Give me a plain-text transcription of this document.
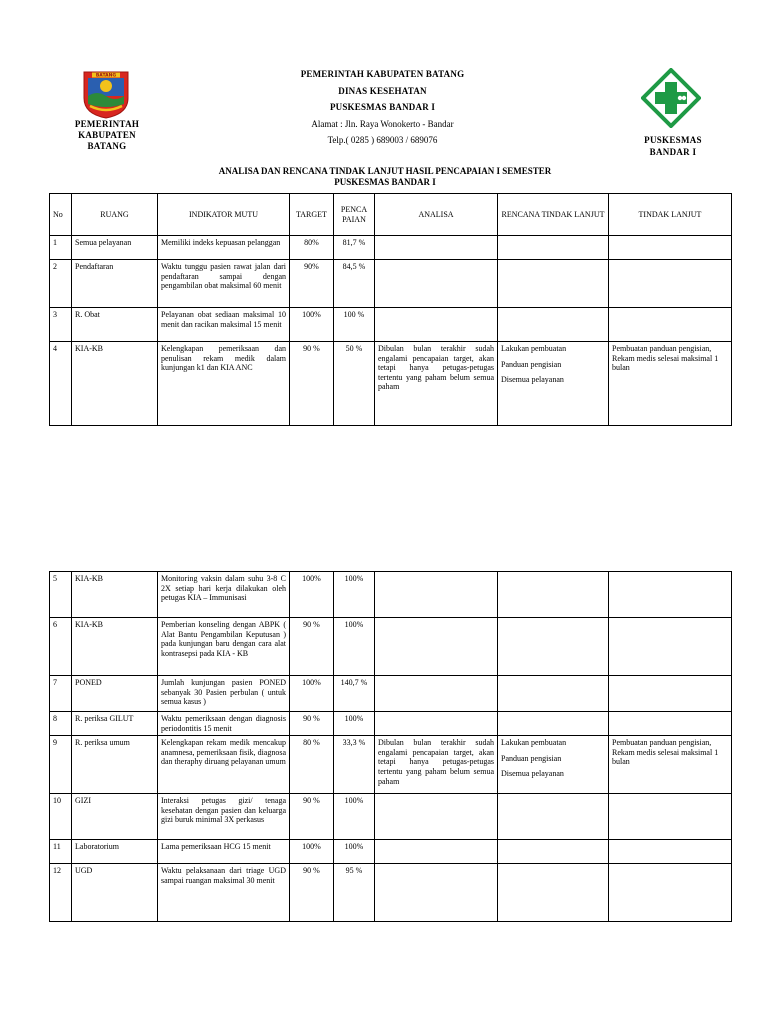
BATANG
PEMERINTAH
KABUPATEN
BATANG
PEMERINTAH KABUPATEN BATANG
DINAS KESEHATAN
PUSKESMAS BANDAR I
Alamat : Jln. Raya Wonokerto - Bandar
Telp.( 0285 ) 689003 / 689076	PUSKESMAS
BANDAR I
ANALISA DAN RENCANA TINDAK LANJUT HASIL PENCAPAIAN I SEMESTER
PUSKESMAS BANDAR I
No	RUANG	INDIKATOR MUTU	TARGET	PENCA PAIAN	ANALISA	RENCANA TINDAK LANJUT	TINDAK LANJUT
1	Semua pelayanan	Memiliki indeks kepuasan pelanggan	80%	81,7 %			
2	Pendaftaran	Waktu tunggu pasien rawat jalan dari pendaftaran sampai dengan pengambilan obat maksimal 60 menit	90%	84,5 %			
3	R. Obat	Pelayanan obat sediaan maksimal 10 menit dan racikan maksimal 15 menit	100%	100 %			
4	KIA-KB	Kelengkapan pemeriksaan dan penulisan rekam medik dalam kunjungan k1 dan KIA ANC	90 %	50 %	Dibulan bulan terakhir sudah engalami pencapaian target, akan tetapi hanya petugas-petugas tertentu yang paham belum semua paham	Lakukan pembuatan
Panduan pengisian
Disemua pelayanan	Pembuatan panduan pengisian, Rekam medis selesai maksimal 1 bulan
5	KIA-KB	Monitoring vaksin dalam suhu 3-8 C 2X setiap hari kerja dilakukan oleh petugas KIA – Immunisasi	100%	100%			
6	KIA-KB	Pemberian konseling dengan ABPK ( Alat Bantu Pengambilan Keputusan ) pada kunjungan baru dengan cara alat kontrasepsi pada KIA - KB	90 %	100%			
7	PONED	Jumlah kunjungan pasien PONED sebanyak 30 Pasien perbulan ( untuk semua kasus )	100%	140,7 %			
8	R. periksa GILUT	Waktu pemeriksaan dengan diagnosis periodontitis 15 menit	90 %	100%			
9	R. periksa umum	Kelengkapan rekam medik mencakup anamnesa, pemeriksaan fisik, diagnosa dan theraphy diruang pelayanan umum	80 %	33,3 %	Dibulan bulan terakhir sudah engalami pencapaian target, akan tetapi hanya petugas-petugas tertentu yang paham belum semua paham	Lakukan pembuatan
Panduan pengisian
Disemua pelayanan	Pembuatan panduan pengisian, Rekam medis selesai maksimal 1 bulan
10	GIZI	Interaksi petugas gizi/ tenaga kesehatan dengan pasien dan keluarga gizi buruk minimal 3X perkasus	90 %	100%			
11	Laboratorium	Lama pemeriksaan HCG 15 menit	100%	100%			
12	UGD	Waktu pelaksanaan dari triage UGD sampai ruangan maksimal 30 menit	90 %	95 %			
